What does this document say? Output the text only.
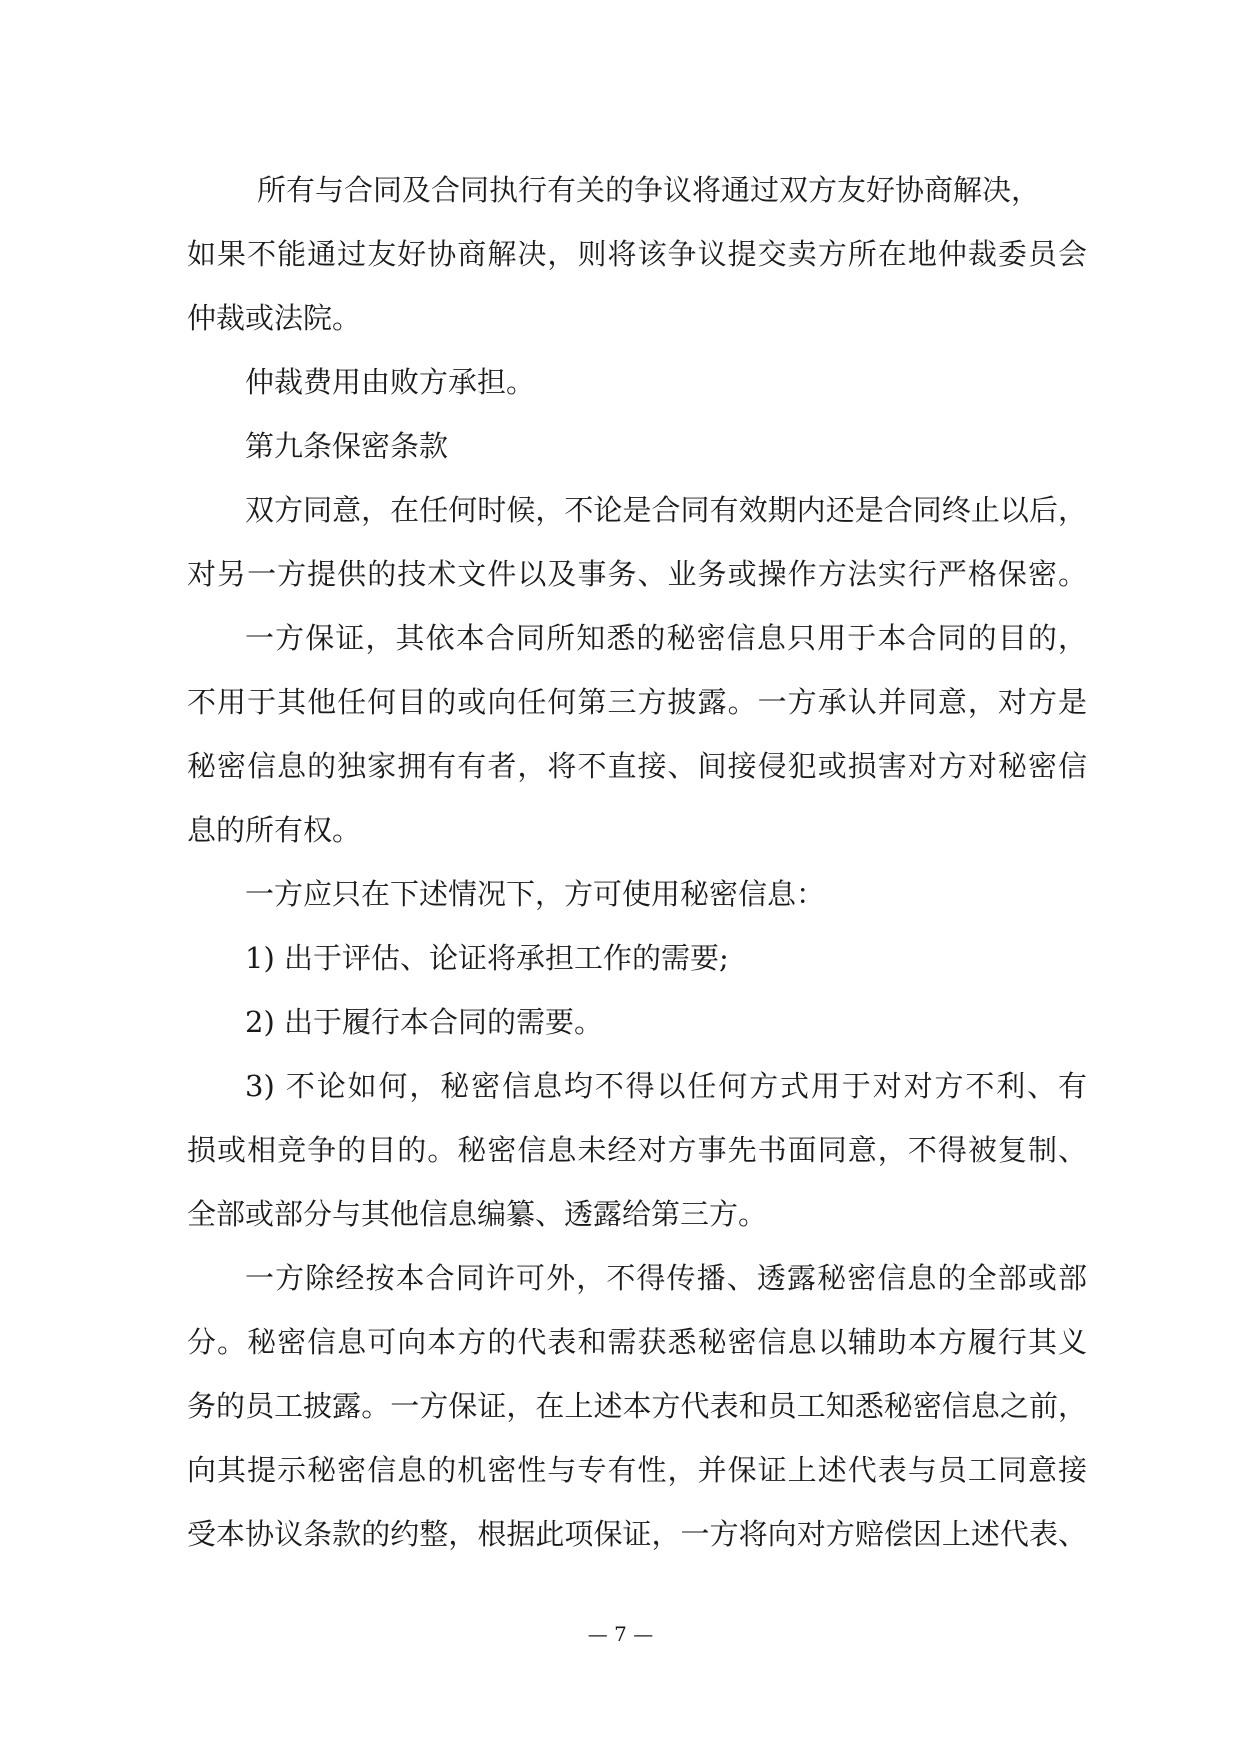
所有与合同及合同执行有关的争议将通过双方友好协商解决，
如果不能通过友好协商解决，则将该争议提交卖方所在地仲裁委员会
仲裁或法院。
仲裁费用由败方承担。
第九条保密条款
双方同意，在任何时候，不论是合同有效期内还是合同终止以后，
对另一方提供的技术文件以及事务、业务或操作方法实行严格保密。
一方保证，其依本合同所知悉的秘密信息只用于本合同的目的，
不用于其他任何目的或向任何第三方披露。一方承认并同意，对方是
秘密信息的独家拥有有者，将不直接、间接侵犯或损害对方对秘密信
息的所有权。
一方应只在下述情况下，方可使用秘密信息：
1) 出于评估、论证将承担工作的需要;
2) 出于履行本合同的需要。
3) 不论如何，秘密信息均不得以任何方式用于对对方不利、有
损或相竞争的目的。秘密信息未经对方事先书面同意，不得被复制、
全部或部分与其他信息编纂、透露给第三方。
一方除经按本合同许可外，不得传播、透露秘密信息的全部或部
分。秘密信息可向本方的代表和需获悉秘密信息以辅助本方履行其义
务的员工披露。一方保证，在上述本方代表和员工知悉秘密信息之前，
向其提示秘密信息的机密性与专有性，并保证上述代表与员工同意接
受本协议条款的约整，根据此项保证，一方将向对方赔偿因上述代表、
— 7 —
